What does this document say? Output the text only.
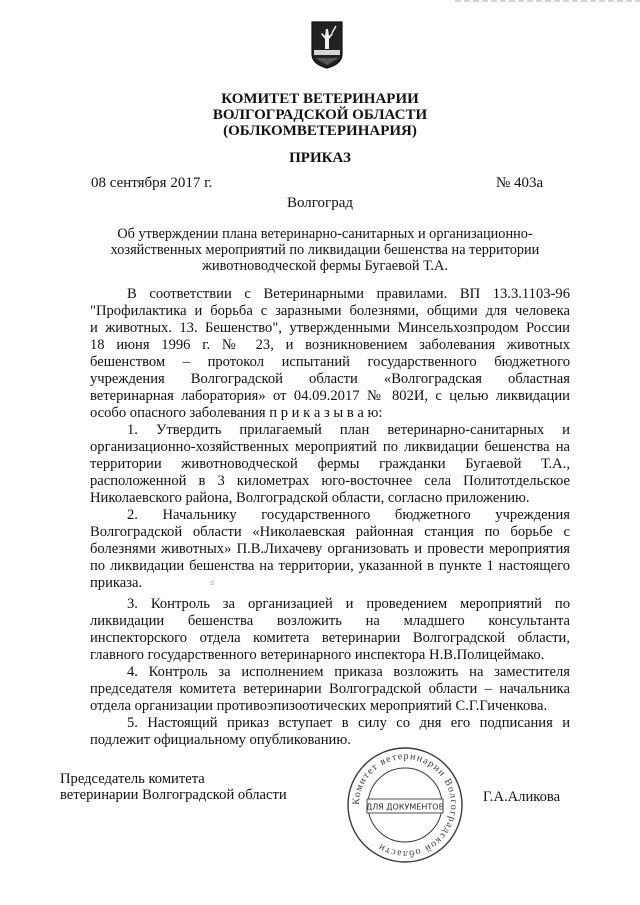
КОМИТЕТ ВЕТЕРИНАРИИ
ВОЛГОГРАДСКОЙ ОБЛАСТИ
(ОБЛКОМВЕТЕРИНАРИЯ)
ПРИКАЗ
08 сентября 2017 г.	№ 403а
Волгоград
Об утверждении плана ветеринарно-санитарных и организационно-хозяйственных мероприятий по ликвидации бешенства на территории животноводческой фермы Бугаевой Т.А.
В соответствии с Ветеринарными правилами. ВП 13.3.1103-96
"Профилактика и борьба с заразными болезнями, общими для человека
и животных. 13. Бешенство", утвержденными Минсельхозпродом России
18 июня 1996 г. № 23, и возникновением заболевания животных
бешенством – протокол испытаний государственного бюджетного
учреждения Волгоградской области «Волгоградская областная
ветеринарная лаборатория» от 04.09.2017 № 802И, с целью ликвидации
особо опасного заболевания п р и к а з ы в а ю:
1. Утвердить прилагаемый план ветеринарно-санитарных и
организационно-хозяйственных мероприятий по ликвидации бешенства на
территории животноводческой фермы гражданки Бугаевой Т.А.,
расположенной в 3 километрах юго-восточнее села Политотдельское
Николаевского района, Волгоградской области, согласно приложению.
2. Начальнику государственного бюджетного учреждения
Волгоградской области «Николаевская районная станция по борьбе с
болезнями животных» П.В.Лихачеву организовать и провести мероприятия
по ликвидации бешенства на территории, указанной в пункте 1 настоящего
приказа.
3. Контроль за организацией и проведением мероприятий по
ликвидации бешенства возложить на младшего консультанта
инспекторского отдела комитета ветеринарии Волгоградской области,
главного государственного ветеринарного инспектора Н.В.Полицеймако.
4. Контроль за исполнением приказа возложить на заместителя
председателя комитета ветеринарии Волгоградской области – начальника
отдела организации противоэпизоотических мероприятий С.Г.Гиченкова.
5. Настоящий приказ вступает в силу со дня его подписания и
подлежит официальному опубликованию.
≤
Комитет ветеринарии Волгоградской области
ДЛЯ ДОКУМЕНТОВ
Председатель комитета
ветеринарии Волгоградской области	Г.А.Аликова
